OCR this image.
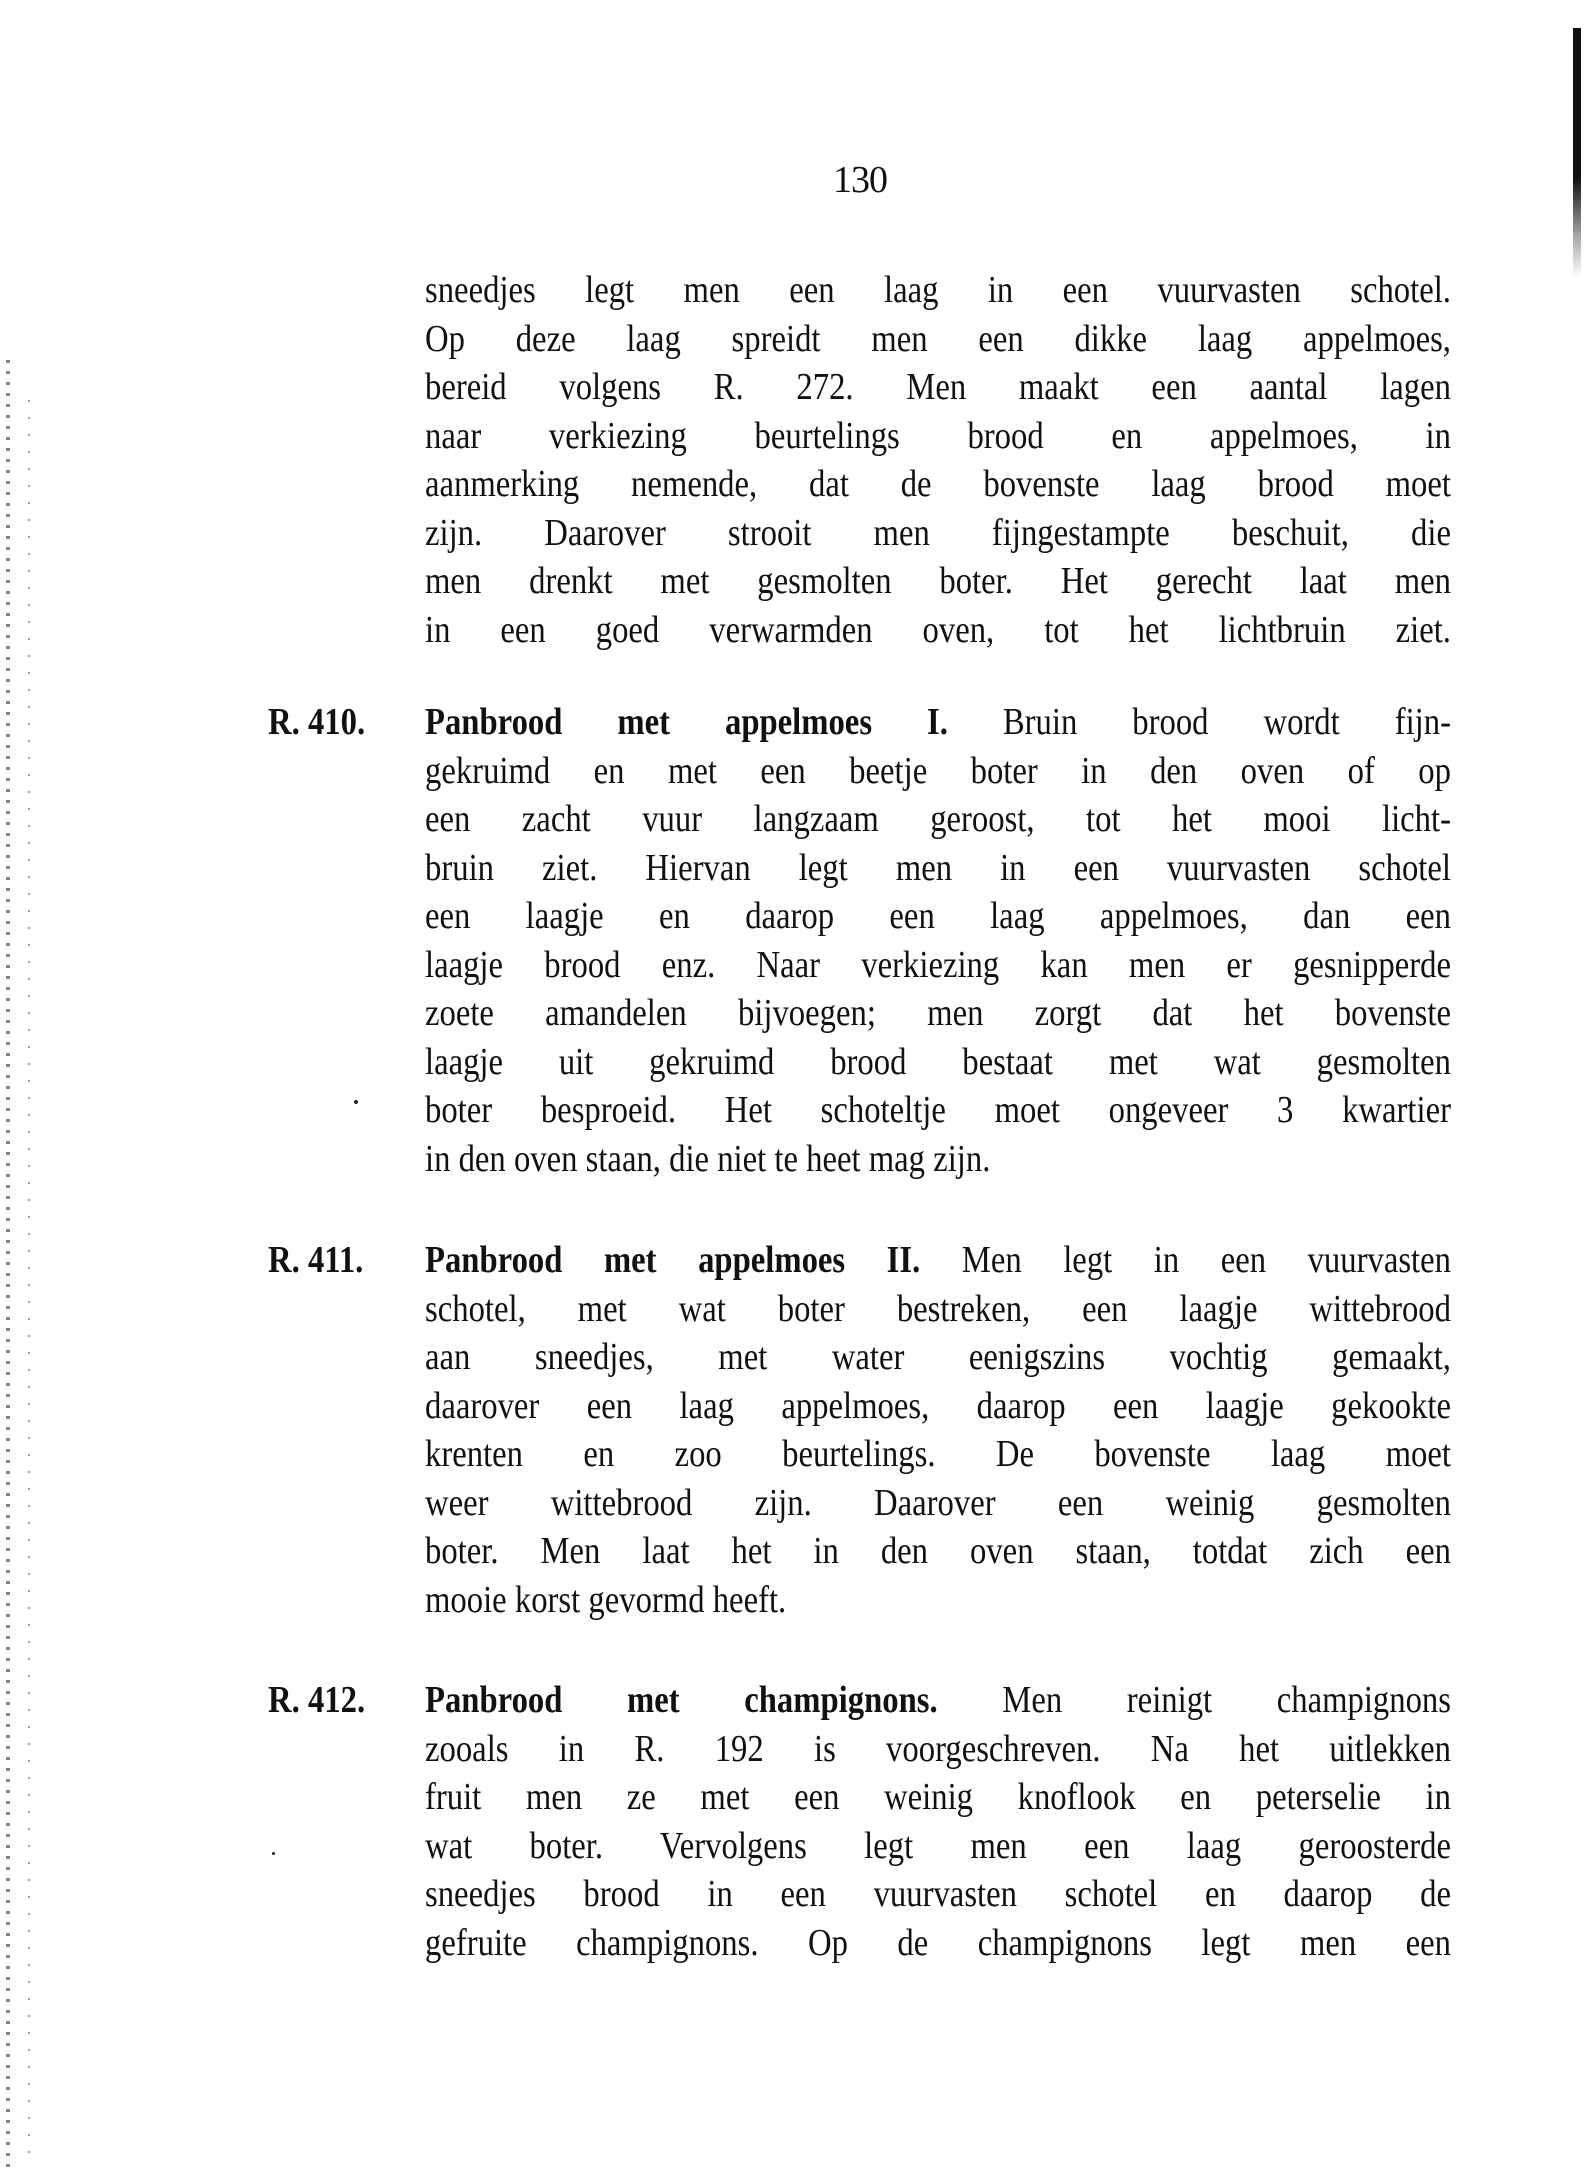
130
sneedjes legt men een laag in een vuurvasten schotel.
Op deze laag spreidt men een dikke laag appelmoes,
bereid volgens R. 272. Men maakt een aantal lagen
naar verkiezing beurtelings brood en appelmoes, in
aanmerking nemende, dat de bovenste laag brood moet
zijn. Daarover strooit men fijngestampte beschuit, die
men drenkt met gesmolten boter. Het gerecht laat men
in een goed verwarmden oven, tot het lichtbruin ziet.
R. 410. Panbrood met appelmoes I. Bruin brood wordt fijn-
gekruimd en met een beetje boter in den oven of op
een zacht vuur langzaam geroost, tot het mooi licht-
bruin ziet. Hiervan legt men in een vuurvasten schotel
een laagje en daarop een laag appelmoes, dan een
laagje brood enz. Naar verkiezing kan men er gesnipperde
zoete amandelen bijvoegen; men zorgt dat het bovenste
laagje uit gekruimd brood bestaat met wat gesmolten
boter besproeid. Het schoteltje moet ongeveer 3 kwartier
in den oven staan, die niet te heet mag zijn.
R. 411. Panbrood met appelmoes II. Men legt in een vuurvasten
schotel, met wat boter bestreken, een laagje wittebrood
aan sneedjes, met water eenigszins vochtig gemaakt,
daarover een laag appelmoes, daarop een laagje gekookte
krenten en zoo beurtelings. De bovenste laag moet
weer wittebrood zijn. Daarover een weinig gesmolten
boter. Men laat het in den oven staan, totdat zich een
mooie korst gevormd heeft.
R. 412. Panbrood met champignons. Men reinigt champignons
zooals in R. 192 is voorgeschreven. Na het uitlekken
fruit men ze met een weinig knoflook en peterselie in
wat boter. Vervolgens legt men een laag geroosterde
sneedjes brood in een vuurvasten schotel en daarop de
gefruite champignons. Op de champignons legt men een
